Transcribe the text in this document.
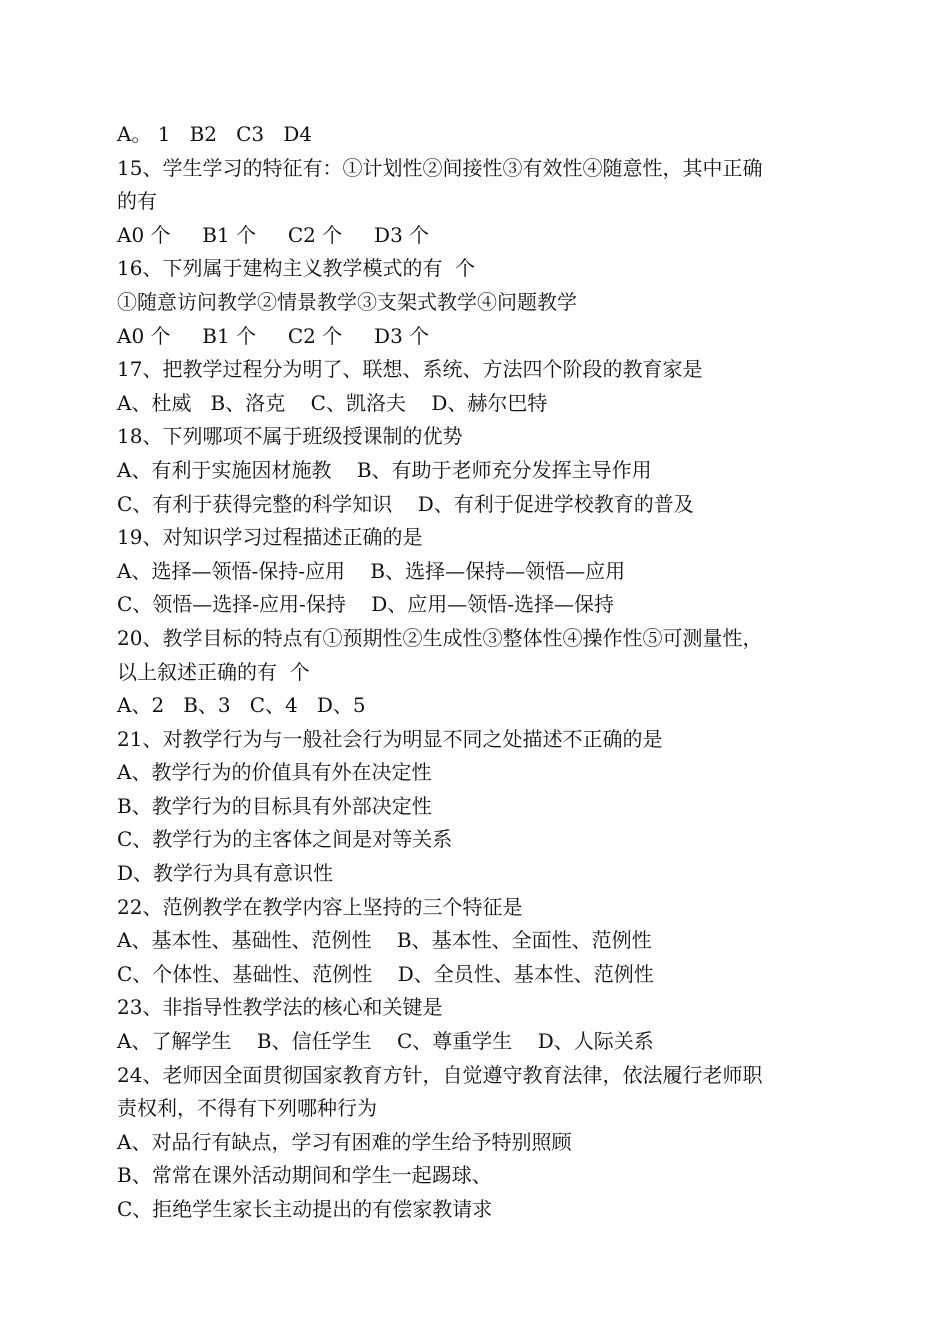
A。 1   B2   C3   D4
15、学生学习的特征有：①计划性②间接性③有效性④随意性，其中正确
的有
A0 个     B1 个     C2 个     D3 个
16、下列属于建构主义教学模式的有  个
①随意访问教学②情景教学③支架式教学④问题教学
A0 个     B1 个     C2 个     D3 个
17、把教学过程分为明了、联想、系统、方法四个阶段的教育家是
A、杜威   B、洛克    C、凯洛夫    D、赫尔巴特
18、下列哪项不属于班级授课制的优势
A、有利于实施因材施教    B、有助于老师充分发挥主导作用
C、有利于获得完整的科学知识    D、有利于促进学校教育的普及
19、对知识学习过程描述正确的是
A、选择—领悟-保持-应用    B、选择—保持—领悟—应用
C、领悟—选择-应用-保持    D、应用—领悟-选择—保持
20、教学目标的特点有①预期性②生成性③整体性④操作性⑤可测量性，
以上叙述正确的有  个
A、2   B、3   C、4   D、5
21、对教学行为与一般社会行为明显不同之处描述不正确的是
A、教学行为的价值具有外在决定性
B、教学行为的目标具有外部决定性
C、教学行为的主客体之间是对等关系
D、教学行为具有意识性
22、范例教学在教学内容上坚持的三个特征是
A、基本性、基础性、范例性    B、基本性、全面性、范例性
C、个体性、基础性、范例性    D、全员性、基本性、范例性
23、非指导性教学法的核心和关键是
A、了解学生    B、信任学生    C、尊重学生    D、人际关系
24、老师因全面贯彻国家教育方针，自觉遵守教育法律，依法履行老师职
责权利，不得有下列哪种行为
A、对品行有缺点，学习有困难的学生给予特别照顾
B、常常在课外活动期间和学生一起踢球、
C、拒绝学生家长主动提出的有偿家教请求
